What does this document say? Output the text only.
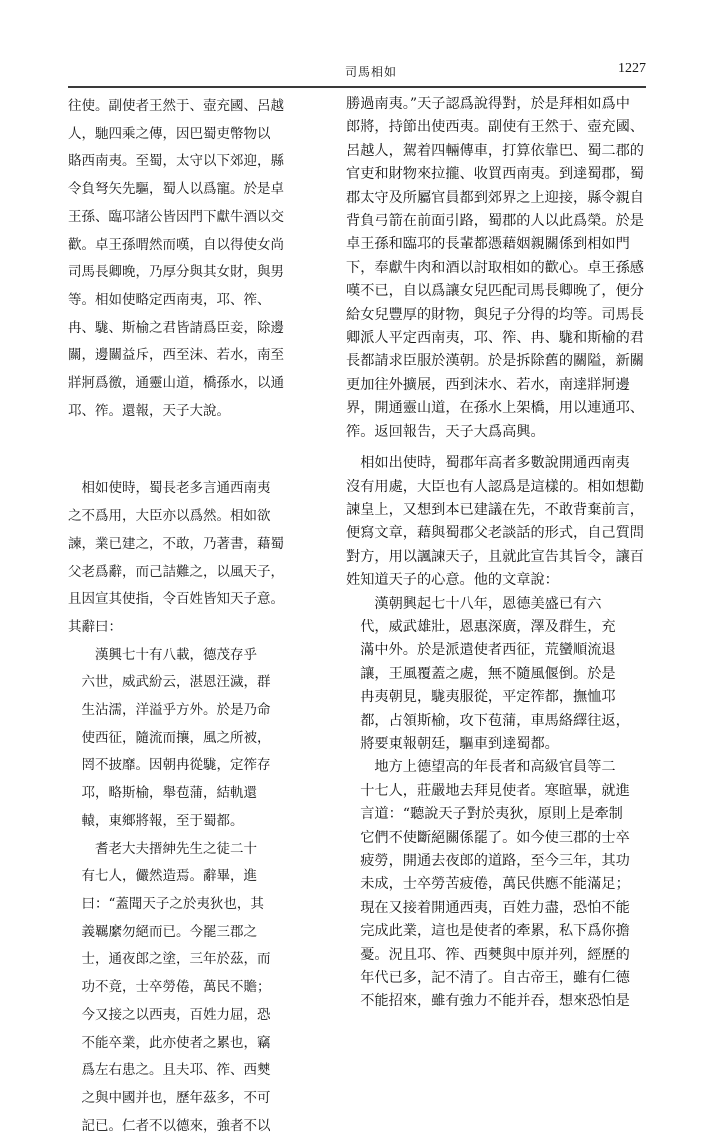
司馬相如	1227

往使。副使者王然于、壺充國、呂越

人，馳四乘之傳，因巴蜀吏幣物以

賂西南夷。至蜀，太守以下郊迎，縣

令負弩矢先驅，蜀人以爲寵。於是卓

王孫、臨邛諸公皆因門下獻牛酒以交

歡。卓王孫喟然而嘆，自以得使女尚

司馬長卿晚，乃厚分與其女財，與男

等。相如使略定西南夷，邛、筰、

冉、駹、斯榆之君皆請爲臣妾，除邊

關，邊關益斥，西至沫、若水，南至

牂牁爲徼，通靈山道，橋孫水，以通

邛、筰。還報，天子大說。

　相如使時，蜀長老多言通西南夷

之不爲用，大臣亦以爲然。相如欲

諫，業已建之，不敢，乃著書，藉蜀

父老爲辭，而己詰難之，以風天子，

且因宣其使指，令百姓皆知天子意。

其辭曰：

　　漢興七十有八載，德茂存乎

　六世，威武紛云，湛恩汪濊，群

　生沾濡，洋溢乎方外。於是乃命

　使西征，隨流而攘，風之所被，

　罔不披靡。因朝冉從駹，定筰存

　邛，略斯榆，舉苞蒲，結軌還

　轅，東鄉將報，至于蜀都。

　　耆老大夫搢紳先生之徒二十

　有七人，儼然造焉。辭畢，進

　曰：“蓋聞天子之於夷狄也，其

　義羈縻勿絕而已。今罷三郡之

　士，通夜郎之塗，三年於茲，而

　功不竟，士卒勞倦，萬民不贍；

　今又接之以西夷，百姓力屈，恐

　不能卒業，此亦使者之累也，竊

　爲左右患之。且夫邛、筰、西僰

　之與中國并也，歷年茲多，不可

　記已。仁者不以德來，強者不以

勝過南夷。”天子認爲說得對，於是拜相如爲中

郎將，持節出使西夷。副使有王然于、壺充國、

呂越人，駕着四輛傳車，打算依靠巴、蜀二郡的

官吏和財物來拉攏、收買西南夷。到達蜀郡，蜀

郡太守及所屬官員都到郊界之上迎接，縣令親自

背負弓箭在前面引路，蜀郡的人以此爲榮。於是

卓王孫和臨邛的長輩都憑藉姻親關係到相如門

下，奉獻牛肉和酒以討取相如的歡心。卓王孫感

嘆不已，自以爲讓女兒匹配司馬長卿晚了，便分

給女兒豐厚的財物，與兒子分得的均等。司馬長

卿派人平定西南夷，邛、筰、冉、駹和斯榆的君

長都請求臣服於漢朝。於是拆除舊的關隘，新關

更加往外擴展，西到沫水、若水，南達牂牁邊

界，開通靈山道，在孫水上架橋，用以連通邛、

筰。返回報告，天子大爲高興。

　相如出使時，蜀郡年高者多數說開通西南夷

沒有用處，大臣也有人認爲是這樣的。相如想勸

諫皇上，又想到本已建議在先，不敢背棄前言，

便寫文章，藉與蜀郡父老談話的形式，自己質問

對方，用以諷諫天子，且就此宣告其旨令，讓百

姓知道天子的心意。他的文章說：

　　漢朝興起七十八年，恩德美盛已有六

　代，威武雄壯，恩惠深廣，澤及群生，充

　滿中外。於是派遣使者西征，荒蠻順流退

　讓，王風覆蓋之處，無不隨風偃倒。於是

　冉夷朝見，駹夷服從，平定筰都，撫恤邛

　都，占領斯榆，攻下苞蒲，車馬絡繹往返，

　將要東報朝廷，驅車到達蜀都。

　　地方上德望高的年長者和高級官員等二

　十七人，莊嚴地去拜見使者。寒暄畢，就進

　言道：“聽說天子對於夷狄，原則上是牽制

　它們不使斷絕關係罷了。如今使三郡的士卒

　疲勞，開通去夜郎的道路，至今三年，其功

　未成，士卒勞苦疲倦，萬民供應不能滿足；

　現在又接着開通西夷，百姓力盡，恐怕不能

　完成此業，這也是使者的牽累，私下爲你擔

　憂。況且邛、筰、西僰與中原并列，經歷的

　年代已多，記不清了。自古帝王，雖有仁德

　不能招來，雖有強力不能并吞，想來恐怕是
